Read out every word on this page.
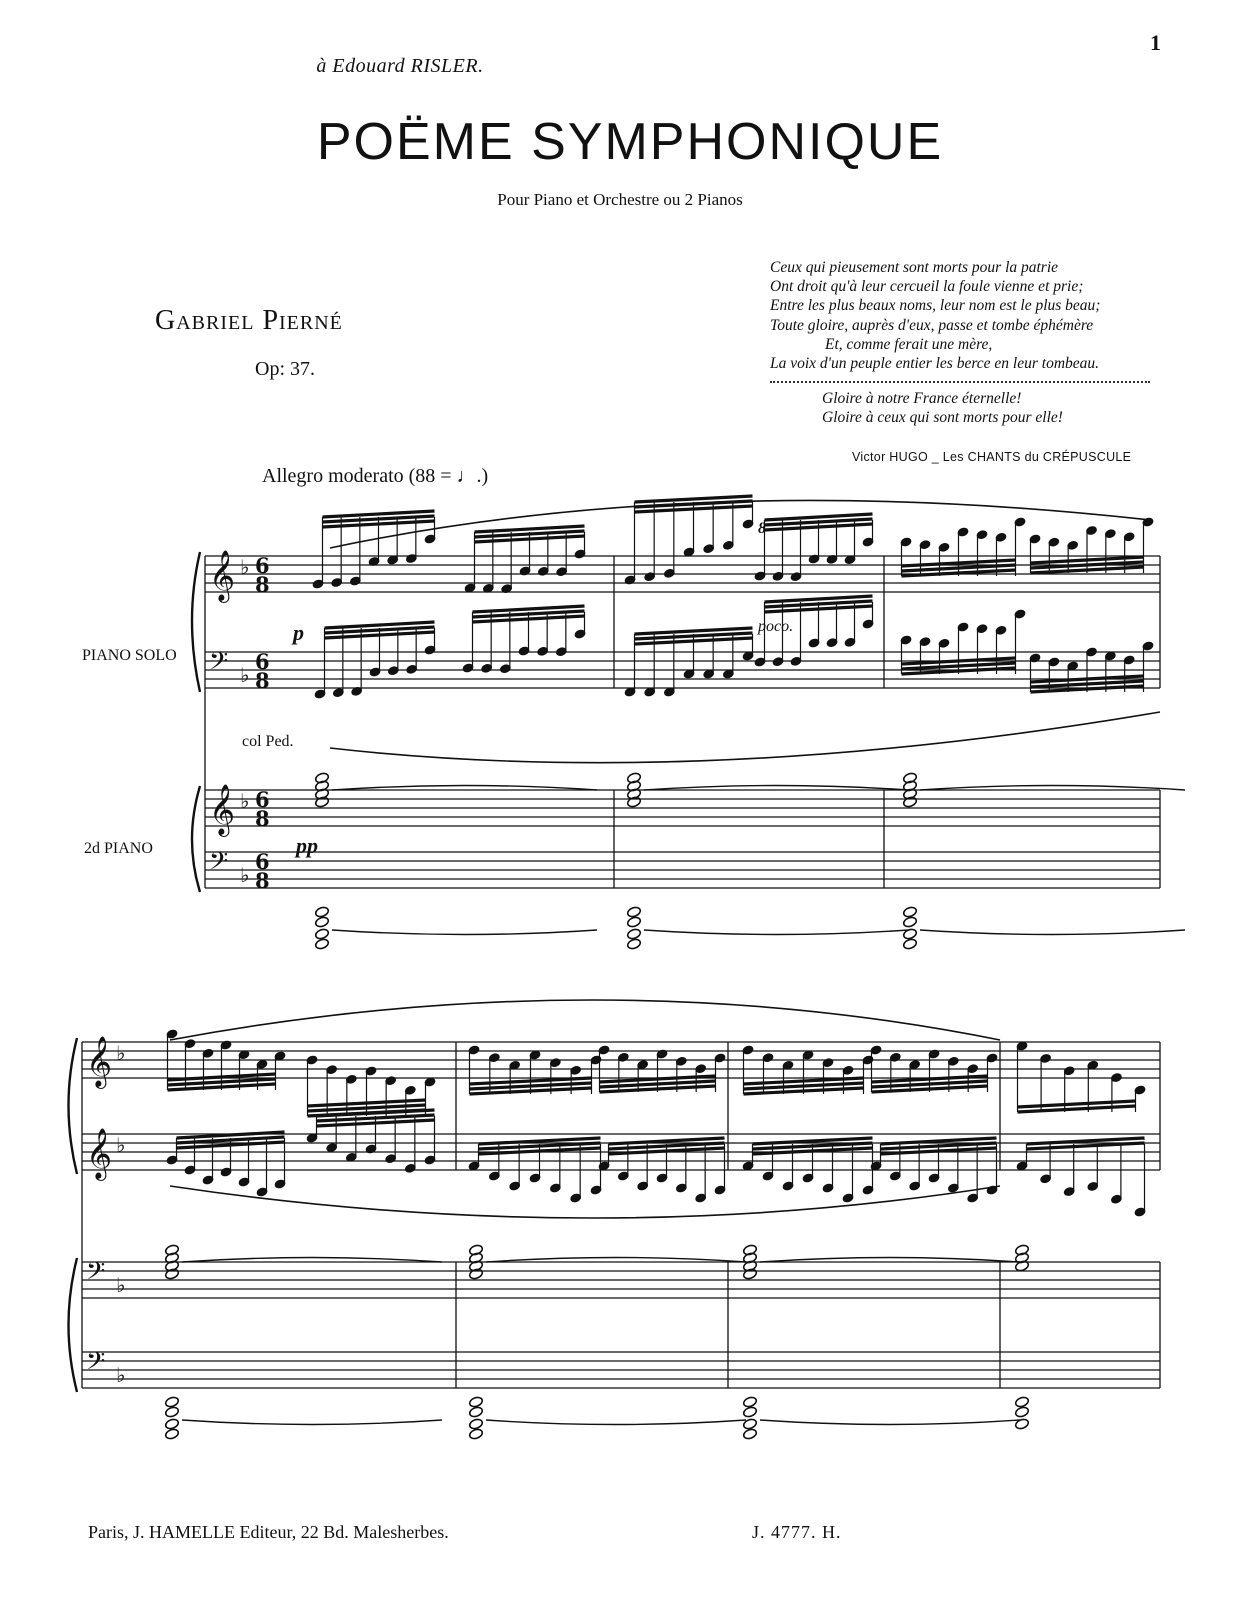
1
à Edouard RISLER.
POËME SYMPHONIQUE
Pour Piano et Orchestre ou 2 Pianos
Gabriel Pierné
Op: 37.
Ceux qui pieusement sont morts pour la patrie
Ont droit qu'à leur cercueil la foule vienne et prie;
Entre les plus beaux noms, leur nom est le plus beau;
Toute gloire, auprès d'eux, passe et tombe éphémère
Et, comme ferait une mère,
La voix d'un peuple entier les berce en leur tombeau.
Gloire à notre France éternelle!
Gloire à ceux qui sont morts pour elle!
Victor HUGO _ Les CHANTS du CRÉPUSCULE
Allegro moderato (88 = ♩.)
𝄞 ♭ 6
8
𝄢 ♭
6
8
𝄞 ♭ 6
8
𝄢 ♭
6
8
𝄞 ♭
𝄞 ♭
𝄢 ♭
𝄢 ♭
PIANO SOLO
2d PIANO
p
pp
poco.
col Ped.
8
Paris, J. HAMELLE Editeur, 22 Bd. Malesherbes.	J. 4777. H.
